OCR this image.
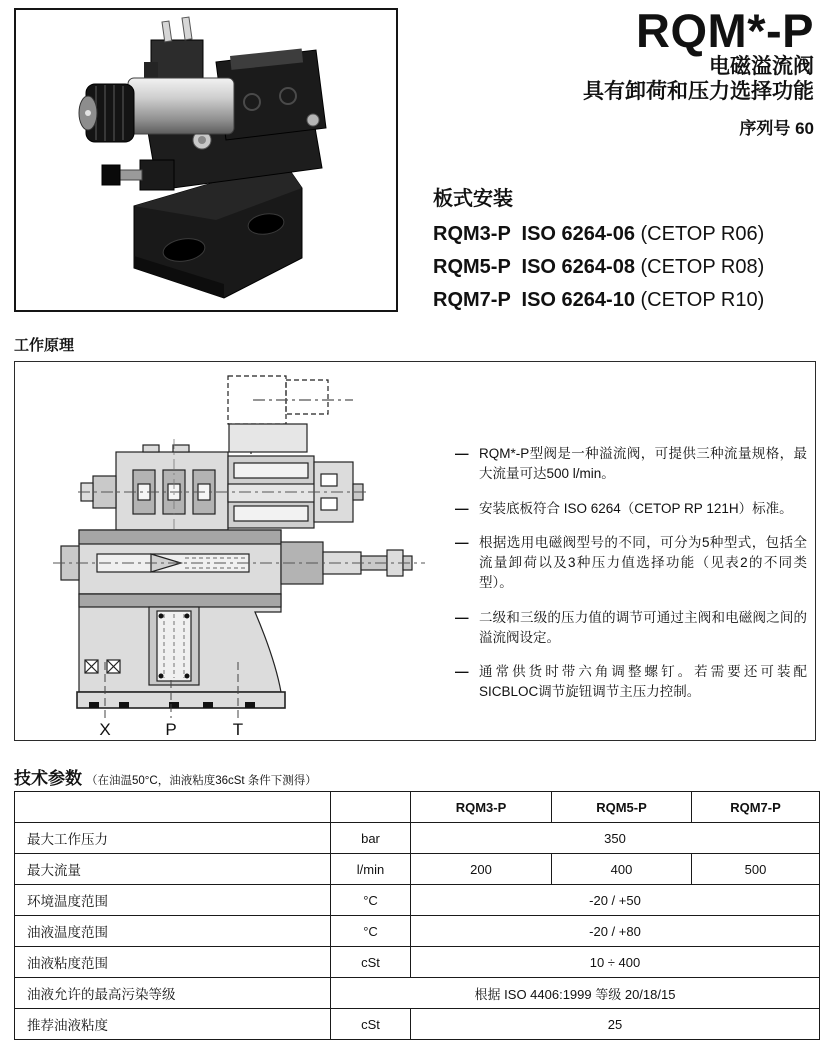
RQM*-P
电磁溢流阀
具有卸荷和压力选择功能
序列号 60
板式安装
RQM3-P  ISO 6264-06 (CETOP R06)
RQM5-P  ISO 6264-08 (CETOP R08)
RQM7-P  ISO 6264-10 (CETOP R10)
工作原理
X	P	T
— RQM*-P型阀是一种溢流阀，可提供三种流量规格，最大流量可达500 l/min。
— 安装底板符合 ISO 6264（CETOP RP 121H）标准。
— 根据选用电磁阀型号的不同，可分为5种型式，包括全流量卸荷以及3种压力值选择功能（见表2的不同类型）。
— 二级和三级的压力值的调节可通过主阀和电磁阀之间的溢流阀设定。
— 通常供货时带六角调整螺钉。若需要还可装配SICBLOC调节旋钮调节主压力控制。
技术参数 （在油温50°C，油液粘度36cSt 条件下测得）
		RQM3-P	RQM5-P	RQM7-P
最大工作压力	bar	350		
最大流量	l/min	200	400	500
环境温度范围	°C	-20 / +50		
油液温度范围	°C	-20 / +80		
油液粘度范围	cSt	10 ÷ 400		
油液允许的最高污染等级	根据 ISO 4406:1999 等级 20/18/15			
推荐油液粘度	cSt	25		
